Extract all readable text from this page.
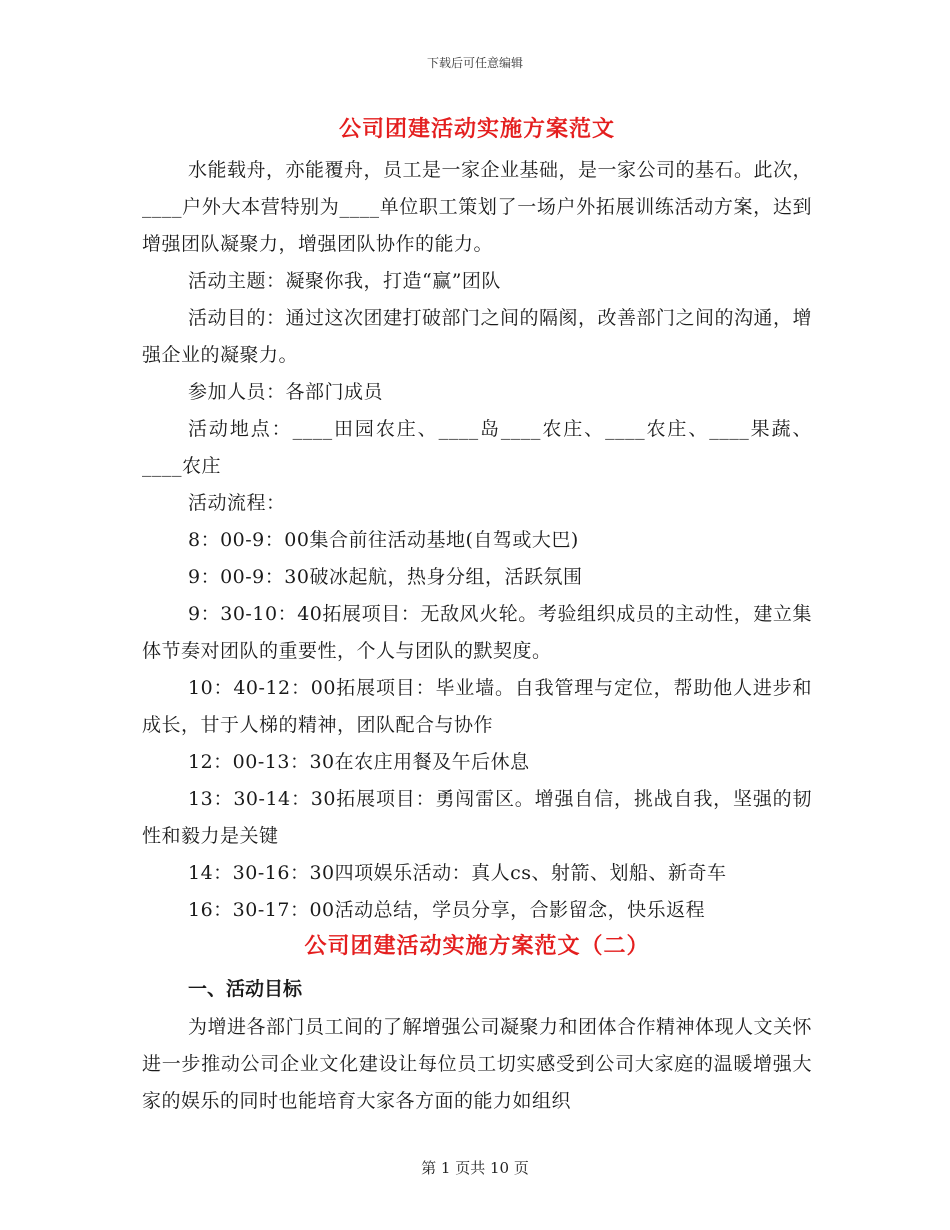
下载后可任意编辑
公司团建活动实施方案范文

水能载舟，亦能覆舟，员工是一家企业基础，是一家公司的基石。此次，____户外大本营特别为____单位职工策划了一场户外拓展训练活动方案，达到增强团队凝聚力，增强团队协作的能力。

活动主题：凝聚你我，打造“赢”团队

活动目的：通过这次团建打破部门之间的隔阂，改善部门之间的沟通，增强企业的凝聚力。

参加人员：各部门成员

活动地点：____田园农庄、____岛____农庄、____农庄、____果蔬、____农庄

活动流程：

8：00-9：00集合前往活动基地(自驾或大巴)

9：00-9：30破冰起航，热身分组，活跃氛围

9：30-10：40拓展项目：无敌风火轮。考验组织成员的主动性，建立集体节奏对团队的重要性，个人与团队的默契度。

10：40-12：00拓展项目：毕业墙。自我管理与定位，帮助他人进步和成长，甘于人梯的精神，团队配合与协作

12：00-13：30在农庄用餐及午后休息

13：30-14：30拓展项目：勇闯雷区。增强自信，挑战自我，坚强的韧性和毅力是关键

14：30-16：30四项娱乐活动：真人cs、射箭、划船、新奇车

16：30-17：00活动总结，学员分享，合影留念，快乐返程

公司团建活动实施方案范文（二）
一、活动目标

为增进各部门员工间的了解增强公司凝聚力和团体合作精神体现人文关怀进一步推动公司企业文化建设让每位员工切实感受到公司大家庭的温暖增强大家的娱乐的同时也能培育大家各方面的能力如组织

第 1 页共 10 页
